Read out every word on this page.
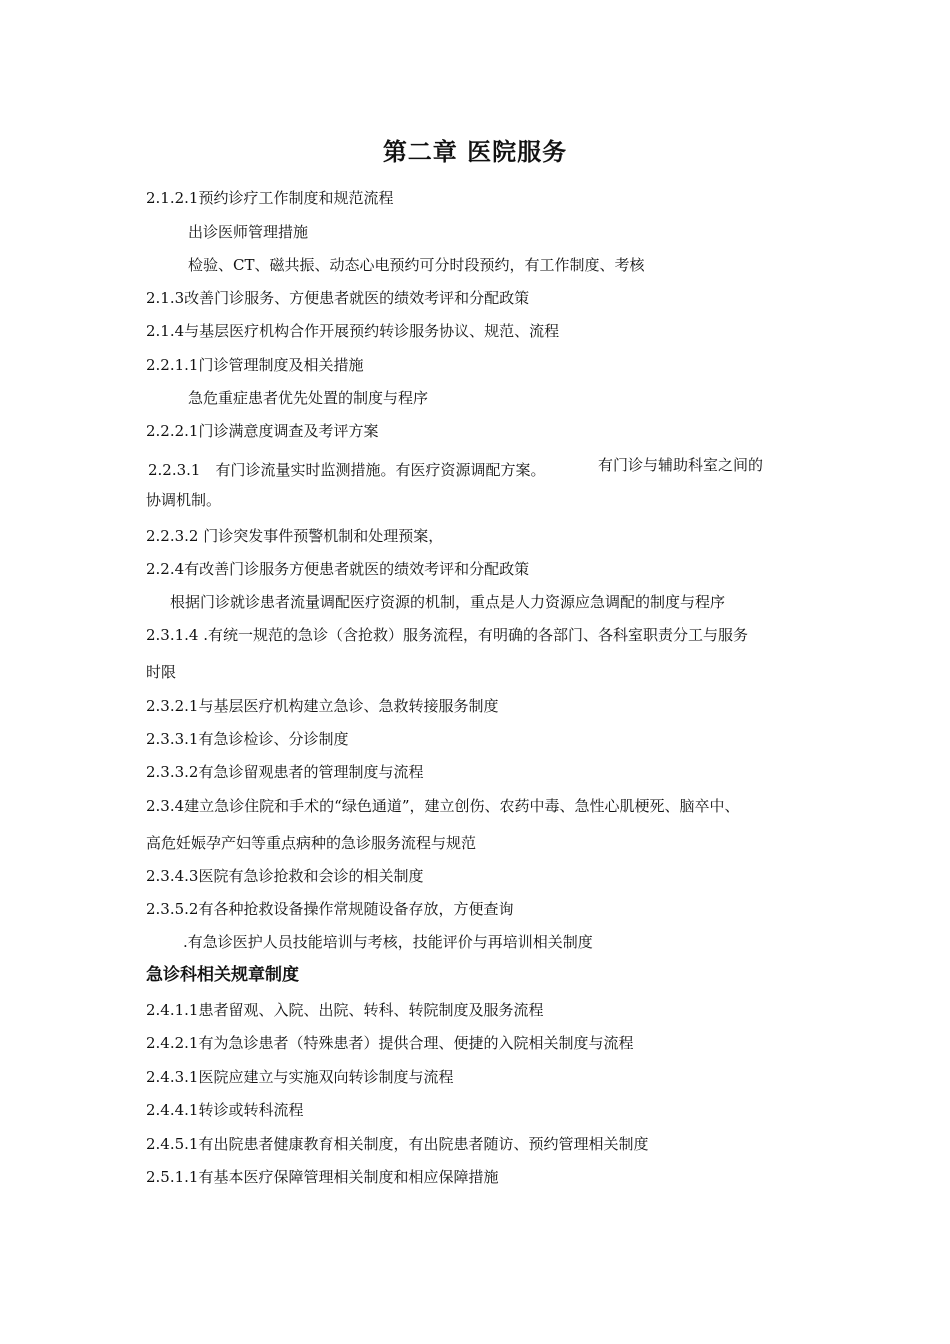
第二章 医院服务
2.1.2.1预约诊疗工作制度和规范流程
出诊医师管理措施
检验、CT、磁共振、动态心电预约可分时段预约，有工作制度、考核
2.1.3改善门诊服务、方便患者就医的绩效考评和分配政策
2.1.4与基层医疗机构合作开展预约转诊服务协议、规范、流程
2.2.1.1门诊管理制度及相关措施
急危重症患者优先处置的制度与程序
2.2.2.1门诊满意度调查及考评方案
2.2.3.1　有门诊流量实时监测措施。有医疗资源调配方案。	有门诊与辅助科室之间的
协调机制。
2.2.3.2 门诊突发事件预警机制和处理预案，
2.2.4有改善门诊服务方便患者就医的绩效考评和分配政策
根据门诊就诊患者流量调配医疗资源的机制，重点是人力资源应急调配的制度与程序
2.3.1.4 .有统一规范的急诊（含抢救）服务流程，有明确的各部门、各科室职责分工与服务
时限
2.3.2.1与基层医疗机构建立急诊、急救转接服务制度
2.3.3.1有急诊检诊、分诊制度
2.3.3.2有急诊留观患者的管理制度与流程
2.3.4建立急诊住院和手术的“绿色通道”，建立创伤、农药中毒、急性心肌梗死、脑卒中、
高危妊娠孕产妇等重点病种的急诊服务流程与规范
2.3.4.3医院有急诊抢救和会诊的相关制度
2.3.5.2有各种抢救设备操作常规随设备存放，方便查询
.有急诊医护人员技能培训与考核，技能评价与再培训相关制度
急诊科相关规章制度
2.4.1.1患者留观、入院、出院、转科、转院制度及服务流程
2.4.2.1有为急诊患者（特殊患者）提供合理、便捷的入院相关制度与流程
2.4.3.1医院应建立与实施双向转诊制度与流程
2.4.4.1转诊或转科流程
2.4.5.1有出院患者健康教育相关制度，有出院患者随访、预约管理相关制度
2.5.1.1有基本医疗保障管理相关制度和相应保障措施
